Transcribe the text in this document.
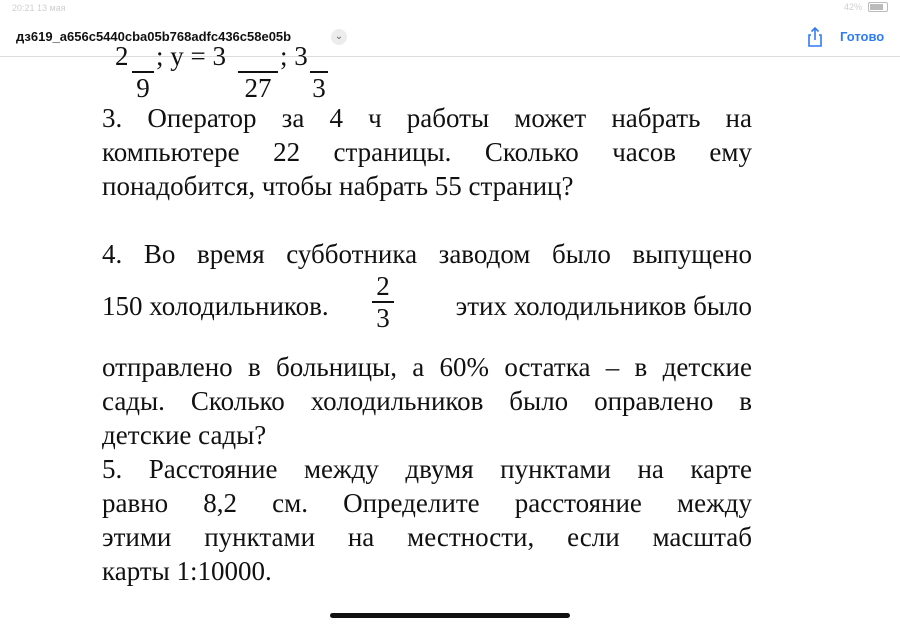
20:21 13 мая	42%
дз619_a656c5440cba05b768adfc436c58e05b	⌄	Готово
2

9
; y = 3

27
; 3

3
3. Оператор за 4 ч работы может набрать на
компьютере 22 страницы. Сколько часов ему
понадобится, чтобы набрать 55 страниц?
4. Во время субботника заводом было выпущено
150 холодильников.
2
3	этих холодильников было
отправлено в больницы, а 60% остатка – в детские
сады. Сколько холодильников было оправлено в
детские сады?
5. Расстояние между двумя пунктами на карте
равно 8,2 см. Определите расстояние между
этими пунктами на местности, если масштаб
карты 1:10000.
